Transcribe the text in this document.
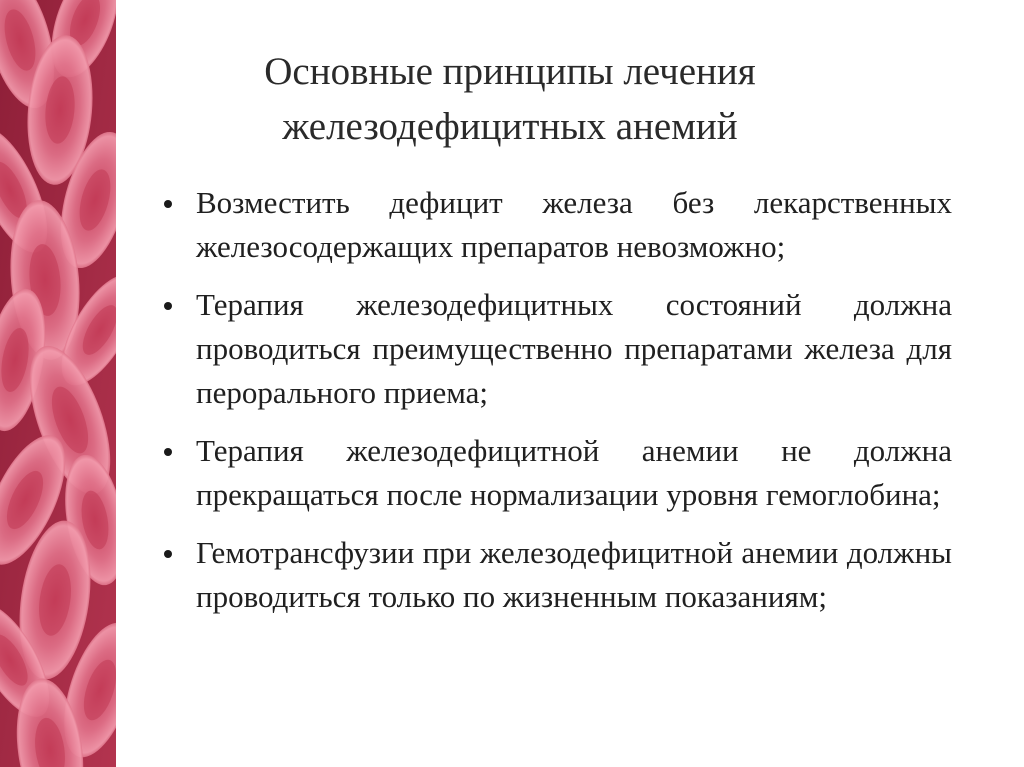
Основные принципы лечения
железодефицитных анемий
Возместить дефицит железа без лекарственных железосодержащих препаратов невозможно;
Терапия железодефицитных состояний должна проводиться преимущественно препаратами железа для перорального приема;
Терапия железодефицитной анемии не должна прекращаться после нормализации уровня гемоглобина;
Гемотрансфузии при железодефицитной анемии должны проводиться только по жизненным показаниям;
